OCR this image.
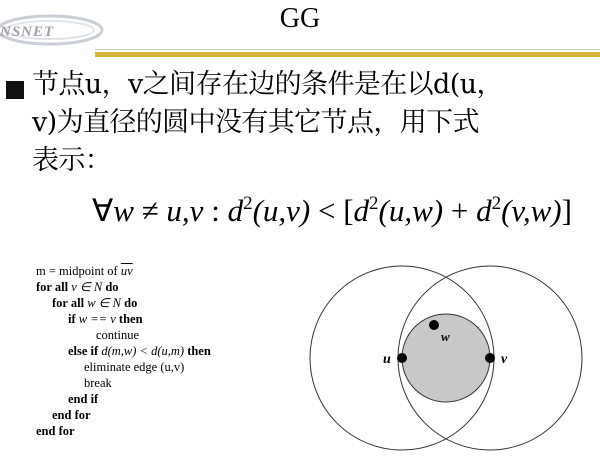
NSNET	GG
节点u，v之间存在边的条件是在以d(u，
v)为直径的圆中没有其它节点，用下式
表示：
∀w ≠ u,v : $d^2(u,v) < [d^2(u,w) + d^2(v,w)]$
m = midpoint of $\overline{uv}$
for all v ∈ N do
for all w ∈ N do
if w == v then
continue
else if d(m,w) < d(u,m) then
eliminate edge (u,v)
break
end if
end for
end for
u	v
w
